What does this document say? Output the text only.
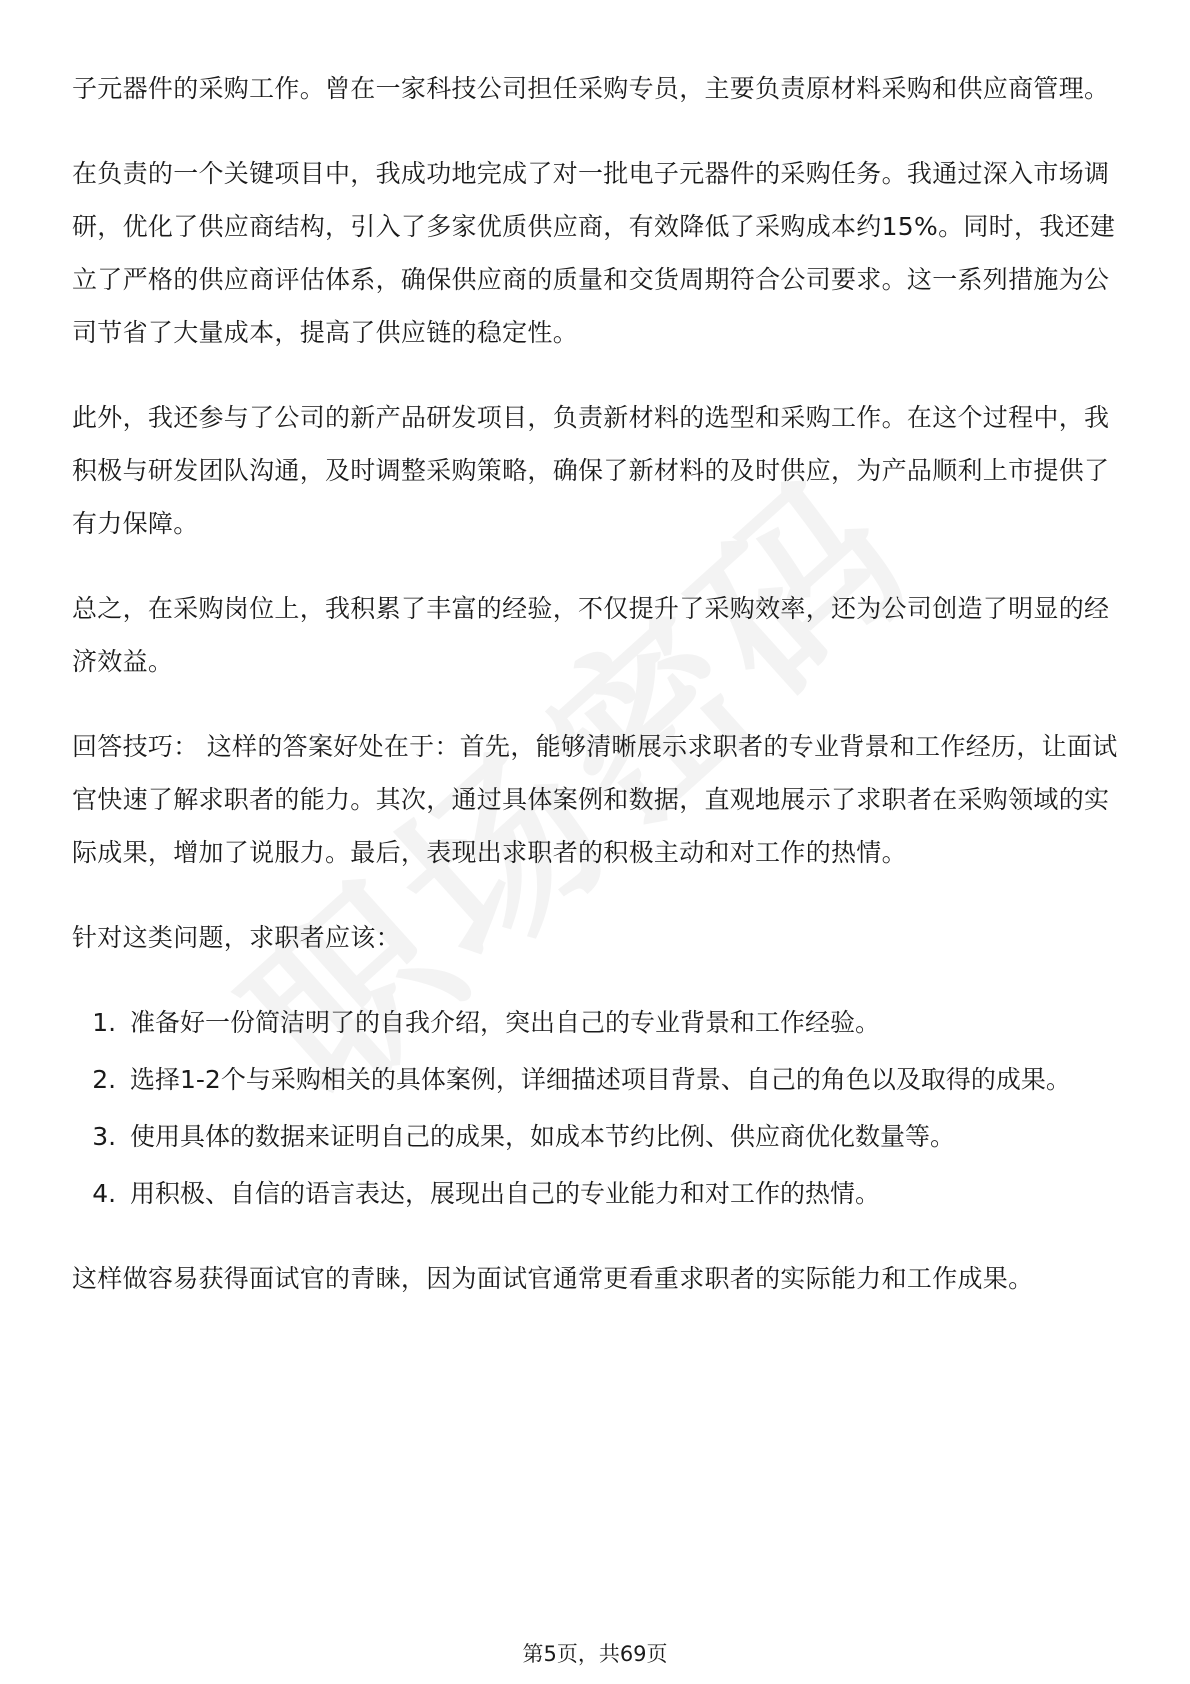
子元器件的采购工作。曾在一家科技公司担任采购专员，主要负责原材料采购和供应商管理。

在负责的一个关键项目中，我成功地完成了对一批电子元器件的采购任务。我通过深入市场调研，优化了供应商结构，引入了多家优质供应商，有效降低了采购成本约15%。同时，我还建立了严格的供应商评估体系，确保供应商的质量和交货周期符合公司要求。这一系列措施为公司节省了大量成本，提高了供应链的稳定性。

此外，我还参与了公司的新产品研发项目，负责新材料的选型和采购工作。在这个过程中，我积极与研发团队沟通，及时调整采购策略，确保了新材料的及时供应，为产品顺利上市提供了有力保障。

总之，在采购岗位上，我积累了丰富的经验，不仅提升了采购效率，还为公司创造了明显的经济效益。

回答技巧： 这样的答案好处在于：首先，能够清晰展示求职者的专业背景和工作经历，让面试官快速了解求职者的能力。其次，通过具体案例和数据，直观地展示了求职者在采购领域的实际成果，增加了说服力。最后，表现出求职者的积极主动和对工作的热情。

针对这类问题，求职者应该：

1. 准备好一份简洁明了的自我介绍，突出自己的专业背景和工作经验。
2. 选择1-2个与采购相关的具体案例，详细描述项目背景、自己的角色以及取得的成果。
3. 使用具体的数据来证明自己的成果，如成本节约比例、供应商优化数量等。
4. 用积极、自信的语言表达，展现出自己的专业能力和对工作的热情。

这样做容易获得面试官的青睐，因为面试官通常更看重求职者的实际能力和工作成果。

第5页，共69页
